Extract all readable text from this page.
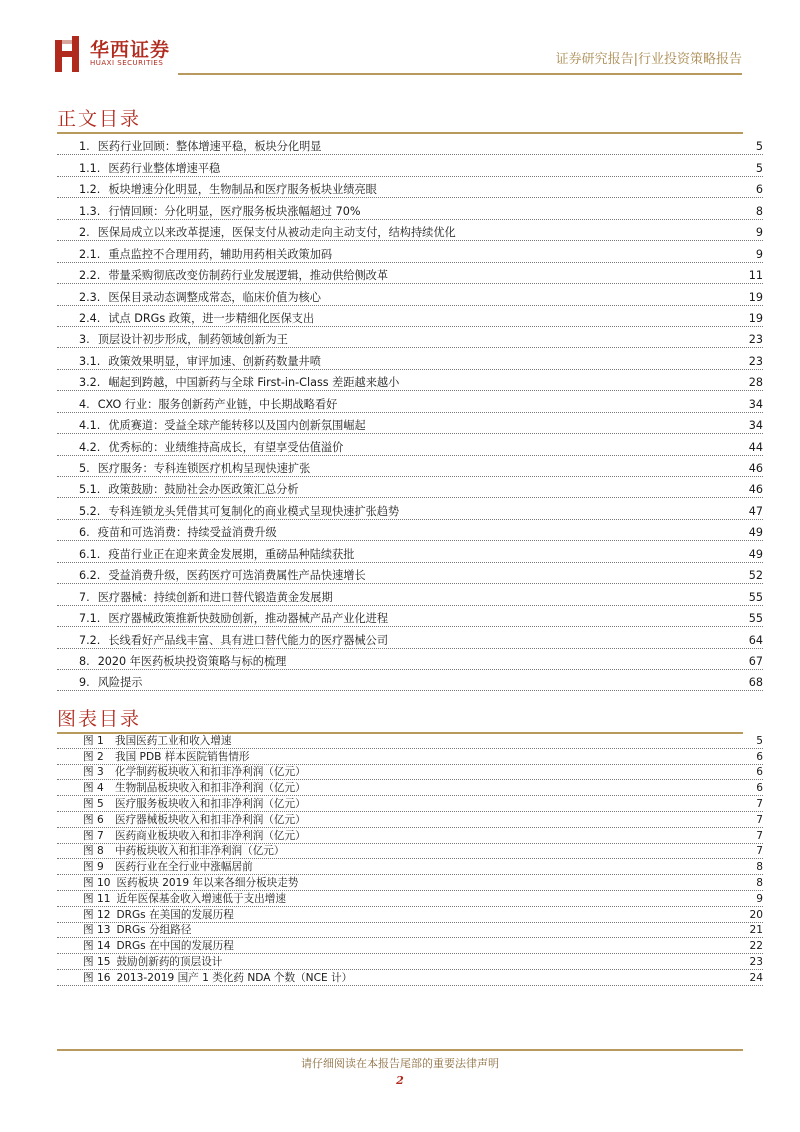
华西证券
HUAXI SECURITIES	证券研究报告|行业投资策略报告
正文目录
1. 医药行业回顾：整体增速平稳，板块分化明显	5
1.1. 医药行业整体增速平稳	5
1.2. 板块增速分化明显，生物制品和医疗服务板块业绩亮眼	6
1.3. 行情回顾：分化明显，医疗服务板块涨幅超过 70%	8
2. 医保局成立以来改革提速，医保支付从被动走向主动支付，结构持续优化	9
2.1. 重点监控不合理用药，辅助用药相关政策加码	9
2.2. 带量采购彻底改变仿制药行业发展逻辑，推动供给侧改革	11
2.3. 医保目录动态调整成常态，临床价值为核心	19
2.4. 试点 DRGs 政策，进一步精细化医保支出	19
3. 顶层设计初步形成，制药领域创新为王	23
3.1. 政策效果明显，审评加速、创新药数量井喷	23
3.2. 崛起到跨越，中国新药与全球 First-in-Class 差距越来越小	28
4. CXO 行业：服务创新药产业链，中长期战略看好	34
4.1. 优质赛道：受益全球产能转移以及国内创新氛围崛起	34
4.2. 优秀标的：业绩维持高成长，有望享受估值溢价	44
5. 医疗服务：专科连锁医疗机构呈现快速扩张	46
5.1. 政策鼓励：鼓励社会办医政策汇总分析	46
5.2. 专科连锁龙头凭借其可复制化的商业模式呈现快速扩张趋势	47
6. 疫苗和可选消费：持续受益消费升级	49
6.1. 疫苗行业正在迎来黄金发展期，重磅品种陆续获批	49
6.2. 受益消费升级，医药医疗可选消费属性产品快速增长	52
7. 医疗器械：持续创新和进口替代锻造黄金发展期	55
7.1. 医疗器械政策推新快鼓励创新，推动器械产品产业化进程	55
7.2. 长线看好产品线丰富、具有进口替代能力的医疗器械公司	64
8. 2020 年医药板块投资策略与标的梳理	67
9. 风险提示	68
图表目录
图 1	我国医药工业和收入增速	5
图 2	我国 PDB 样本医院销售情形	6
图 3	化学制药板块收入和扣非净利润（亿元）	6
图 4	生物制品板块收入和扣非净利润（亿元）	6
图 5	医疗服务板块收入和扣非净利润（亿元）	7
图 6	医疗器械板块收入和扣非净利润（亿元）	7
图 7	医药商业板块收入和扣非净利润（亿元）	7
图 8	中药板块收入和扣非净利润（亿元）	7
图 9	医药行业在全行业中涨幅居前	8
图 10 医药板块 2019 年以来各细分板块走势	8
图 11 近年医保基金收入增速低于支出增速	9
图 12 DRGs 在美国的发展历程	20
图 13 DRGs 分组路径	21
图 14 DRGs 在中国的发展历程	22
图 15 鼓励创新药的顶层设计	23
图 16 2013-2019 国产 1 类化药 NDA 个数（NCE 计）	24
请仔细阅读在本报告尾部的重要法律声明
2
